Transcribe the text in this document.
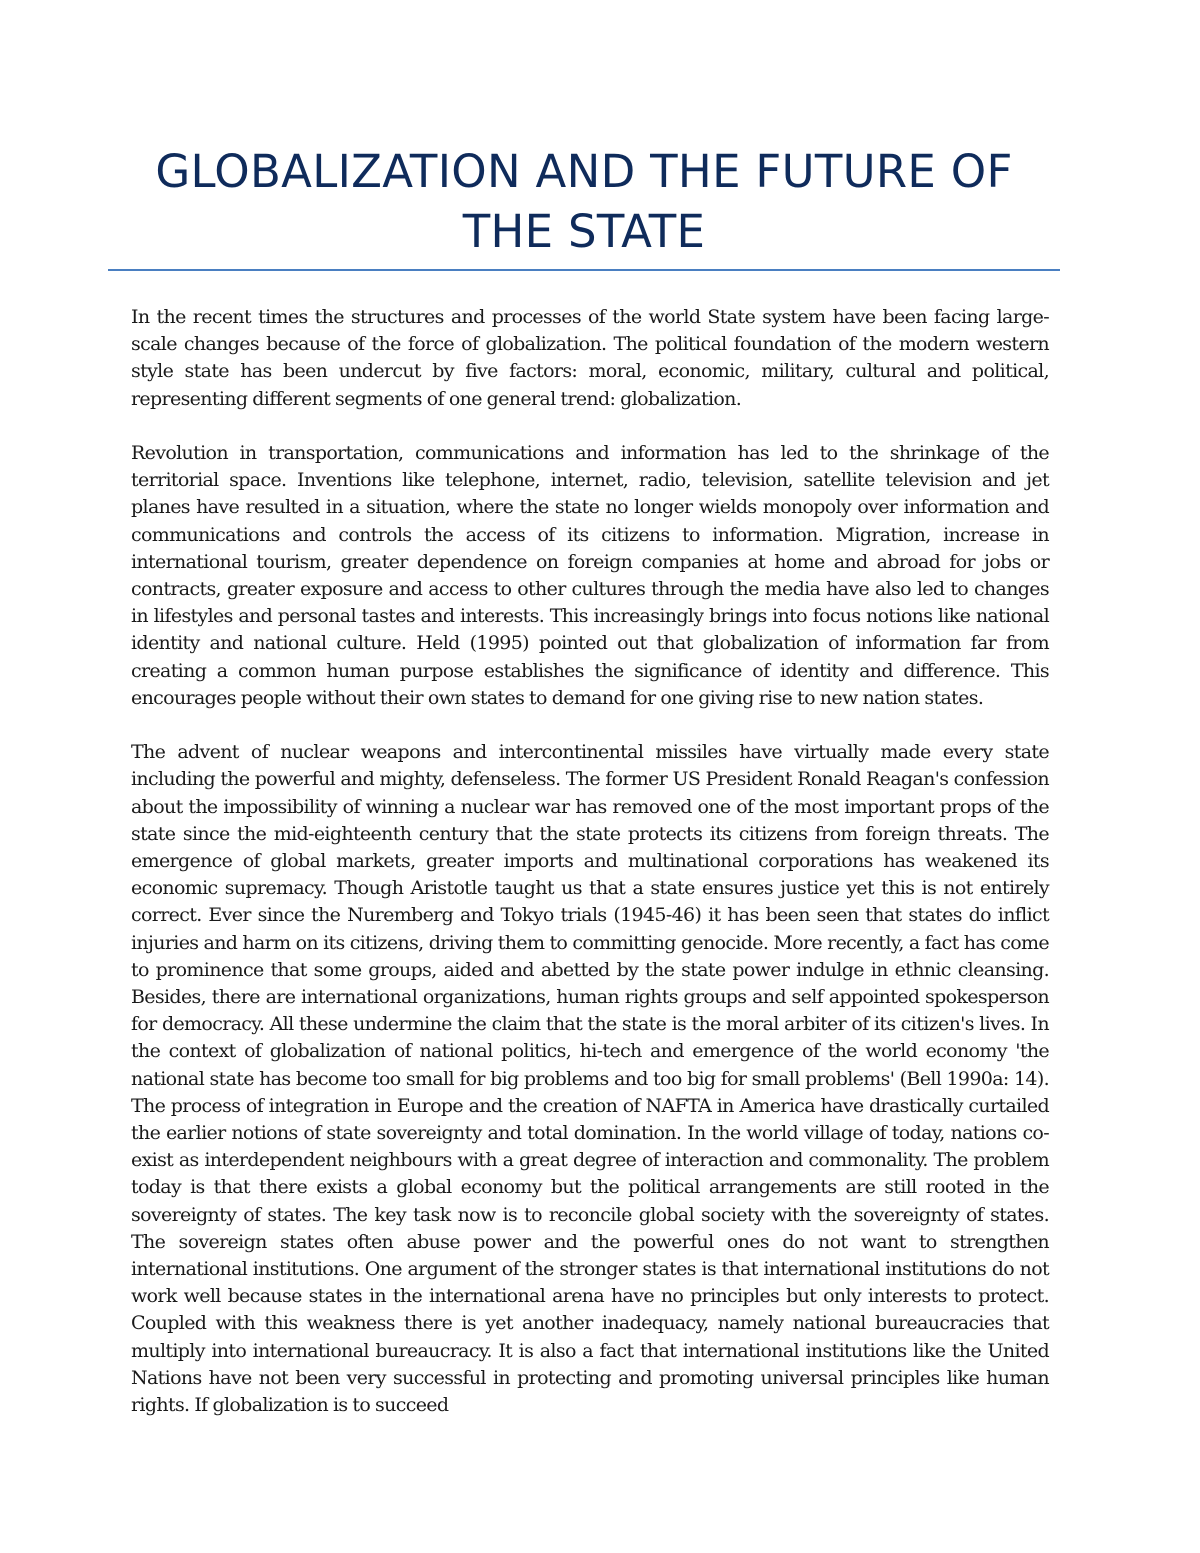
GLOBALIZATION AND THE FUTURE OF THE STATE

In the recent times the structures and processes of the world State system have been facing large-scale changes because of the force of globalization. The political foundation of the modern western style state has been undercut by five factors: moral, economic, military, cultural and political, representing different segments of one general trend: globalization.

Revolution in transportation, communications and information has led to the shrinkage of the territorial space. Inventions like telephone, internet, radio, television, satellite television and jet planes have resulted in a situation, where the state no longer wields monopoly over information and communications and controls the access of its citizens to information. Migration, increase in international tourism, greater dependence on foreign companies at home and abroad for jobs or contracts, greater exposure and access to other cultures through the media have also led to changes in lifestyles and personal tastes and interests. This increasingly brings into focus notions like national identity and national culture. Held (1995) pointed out that globalization of information far from creating a common human purpose establishes the significance of identity and difference. This encourages people without their own states to demand for one giving rise to new nation states.

The advent of nuclear weapons and intercontinental missiles have virtually made every state including the powerful and mighty, defenseless. The former US President Ronald Reagan's confession about the impossibility of winning a nuclear war has removed one of the most important props of the state since the mid-eighteenth century that the state protects its citizens from foreign threats. The emergence of global markets, greater imports and multinational corporations has weakened its economic supremacy. Though Aristotle taught us that a state ensures justice yet this is not entirely correct. Ever since the Nuremberg and Tokyo trials (1945-46) it has been seen that states do inflict injuries and harm on its citizens, driving them to committing genocide. More recently, a fact has come to prominence that some groups, aided and abetted by the state power indulge in ethnic cleansing. Besides, there are international organizations, human rights groups and self appointed spokesperson for democracy. All these undermine the claim that the state is the moral arbiter of its citizen's lives. In the context of globalization of national politics, hi-tech and emergence of the world economy 'the national state has become too small for big problems and too big for small problems' (Bell 1990a: 14). The process of integration in Europe and the creation of NAFTA in America have drastically curtailed the earlier notions of state sovereignty and total domination. In the world village of today, nations co-exist as interdependent neighbours with a great degree of interaction and commonality. The problem today is that there exists a global economy but the political arrangements are still rooted in the sovereignty of states. The key task now is to reconcile global society with the sovereignty of states. The sovereign states often abuse power and the powerful ones do not want to strengthen international institutions. One argument of the stronger states is that international institutions do not work well because states in the international arena have no principles but only interests to protect. Coupled with this weakness there is yet another inadequacy, namely national bureaucracies that multiply into international bureaucracy. It is also a fact that international institutions like the United Nations have not been very successful in protecting and promoting universal principles like human rights. If globalization is to succeed
